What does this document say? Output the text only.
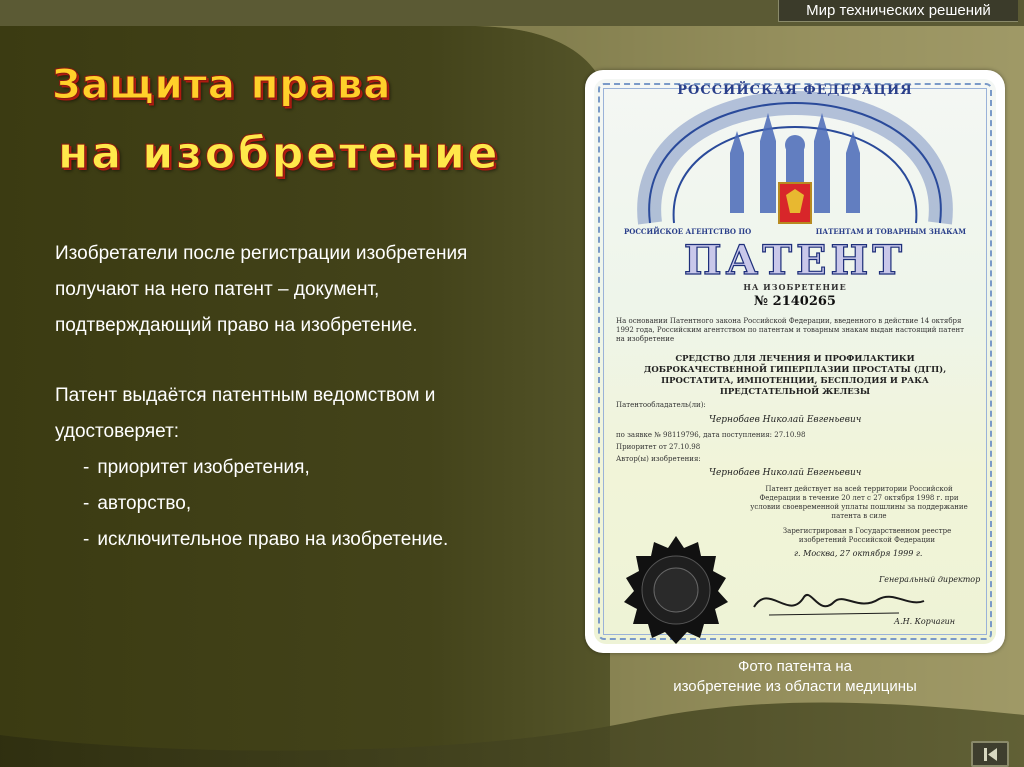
Мир технических решений
Защита права
на изобретение

Изобретатели после регистрации изобретения

получают на него патент – документ,

подтверждающий право на изобретение.

Патент выдаётся патентным ведомством и

удостоверяет:

- приоритет изобретения,
- авторство,
- исключительное право на изобретение.
РОССИЙСКАЯ ФЕДЕРАЦИЯ
РОССИЙСКОЕ АГЕНТСТВО ПО	ПАТЕНТАМ И ТОВАРНЫМ ЗНАКАМ
ПАТЕНТ
НА ИЗОБРЕТЕНИЕ
№ 2140265
На основании Патентного закона Российской Федерации, введенного в действие 14 октября 1992 года, Российским агентством по патентам и товарным знакам выдан настоящий патент на изобретение
СРЕДСТВО ДЛЯ ЛЕЧЕНИЯ И ПРОФИЛАКТИКИ ДОБРОКАЧЕСТВЕННОЙ ГИПЕРПЛАЗИИ ПРОСТАТЫ (ДГП), ПРОСТАТИТА, ИМПОТЕНЦИИ, БЕСПЛОДИЯ И РАКА ПРЕДСТАТЕЛЬНОЙ ЖЕЛЕЗЫ
Патентообладатель(ли):
Чернобаев Николай Евгеньевич
по заявке № 98119796, дата поступления: 27.10.98
Приоритет от 27.10.98
Автор(ы) изобретения:
Чернобаев Николай Евгеньевич
Патент действует на всей территории Российской Федерации в течение 20 лет с 27 октября 1998 г. при условии своевременной уплаты пошлины за поддержание патента в силе
Зарегистрирован в Государственном реестре изобретений Российской Федерации
г. Москва, 27 октября 1999 г.
Генеральный директор
А.Н. Корчагин
Фото патента на
изобретение из области медицины
